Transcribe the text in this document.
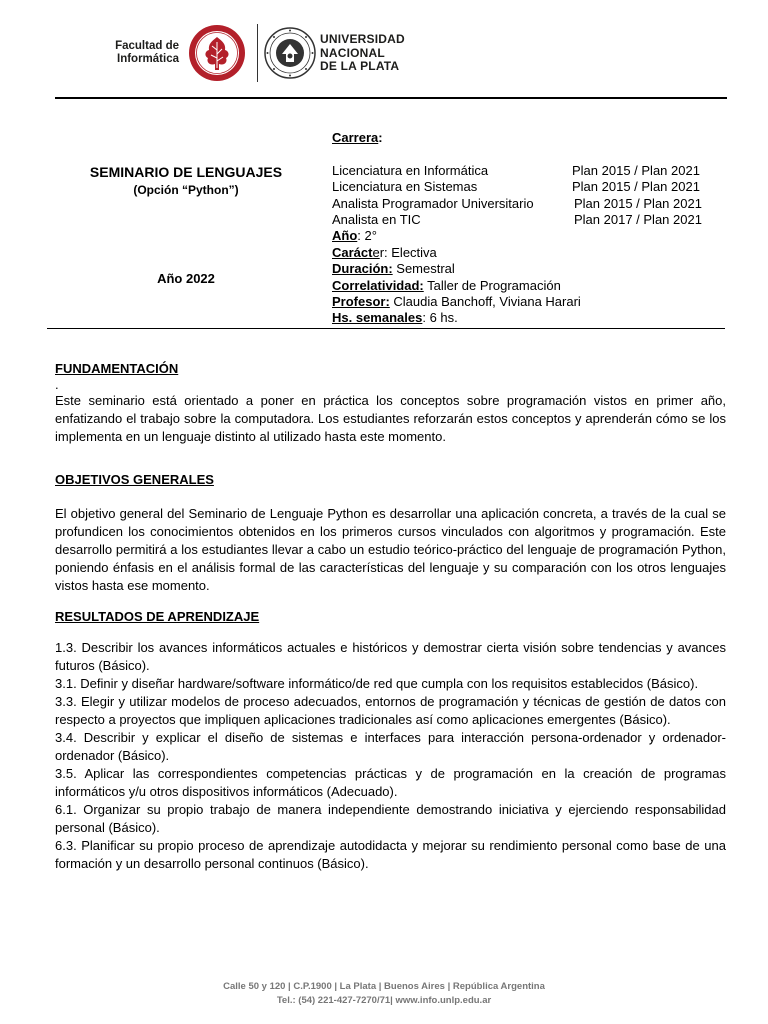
Facultad de
Informática
UNIVERSIDAD
NACIONAL
DE LA PLATA
SEMINARIO DE LENGUAJES
(Opción “Python”)
Año 2022
Carrera:
Licenciatura en Informática	Plan 2015 / Plan 2021
Licenciatura en Sistemas	Plan 2015 / Plan 2021
Analista Programador Universitario	Plan 2015 / Plan 2021
Analista en TIC	Plan 2017 / Plan 2021
Año: 2°
Carácter: Electiva
Duración: Semestral
Correlatividad: Taller de Programación
Profesor: Claudia Banchoff, Viviana Harari
Hs. semanales: 6 hs.
FUNDAMENTACIÓN
.
Este seminario está orientado a poner en práctica los conceptos sobre programación vistos en primer año, enfatizando el trabajo sobre la computadora. Los estudiantes reforzarán estos conceptos y aprenderán cómo se los implementa en un lenguaje distinto al utilizado hasta este momento.
OBJETIVOS GENERALES
El objetivo general del Seminario de Lenguaje Python es desarrollar una aplicación concreta, a través de la cual se profundicen los conocimientos obtenidos en los primeros cursos vinculados con algoritmos y programación. Este desarrollo permitirá a los estudiantes llevar a cabo un estudio teórico-práctico del lenguaje de programación Python, poniendo énfasis en el análisis formal de las características del lenguaje y su comparación con los otros lenguajes vistos hasta ese momento.
RESULTADOS DE APRENDIZAJE
1.3. Describir los avances informáticos actuales e históricos y demostrar cierta visión sobre tendencias y avances futuros (Básico).
3.1. Definir y diseñar hardware/software informático/de red que cumpla con los requisitos establecidos (Básico).
3.3. Elegir y utilizar modelos de proceso adecuados, entornos de programación y técnicas de gestión de datos con respecto a proyectos que impliquen aplicaciones tradicionales así como aplicaciones emergentes (Básico).
3.4. Describir y explicar el diseño de sistemas e interfaces para interacción persona-ordenador y ordenador-ordenador (Básico).
3.5. Aplicar las correspondientes competencias prácticas y de programación en la creación de programas informáticos y/u otros dispositivos informáticos (Adecuado).
6.1. Organizar su propio trabajo de manera independiente demostrando iniciativa y ejerciendo responsabilidad personal (Básico).
6.3. Planificar su propio proceso de aprendizaje autodidacta y mejorar su rendimiento personal como base de una formación y un desarrollo personal continuos (Básico).
Calle 50 y 120 | C.P.1900 | La Plata | Buenos Aires | República Argentina
Tel.: (54) 221-427-7270/71| www.info.unlp.edu.ar
